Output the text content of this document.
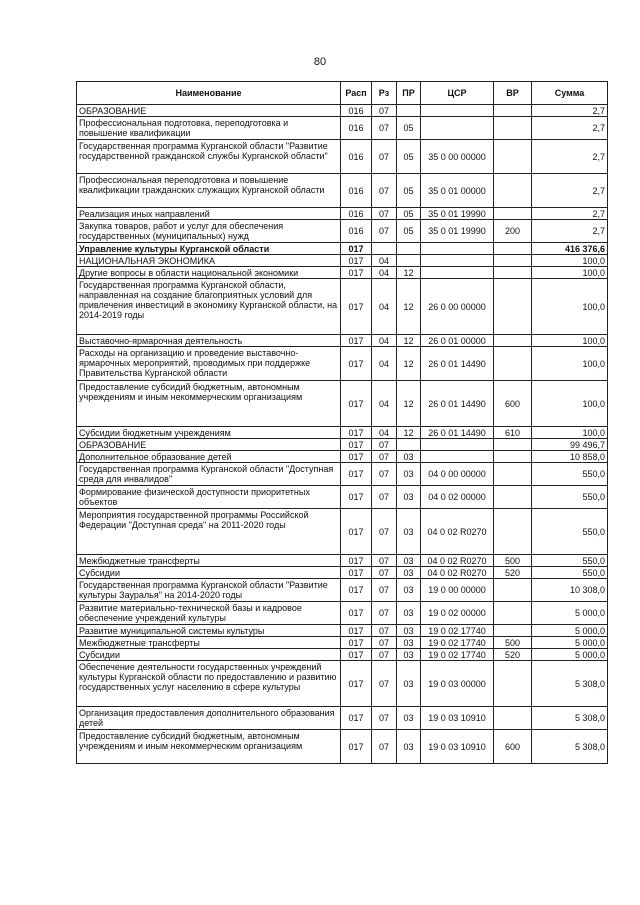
80
Наименование	Расп	Рз	ПР	ЦСР	ВР	Сумма
ОБРАЗОВАНИЕ	016	07				2,7
Профессиональная подготовка, переподготовка и повышение квалификации	016	07	05			2,7
Государственная программа Курганской области "Развитие государственной гражданской службы Курганской области"	016	07	05	35 0 00 00000		2,7
Профессиональная переподготовка и повышение квалификации гражданских служащих Курганской области	016	07	05	35 0 01 00000		2,7
Реализация иных направлений	016	07	05	35 0 01 19990		2,7
Закупка товаров, работ и услуг для обеспечения государственных (муниципальных) нужд	016	07	05	35 0 01 19990	200	2,7
Управление культуры Курганской области	017					416 376,6
НАЦИОНАЛЬНАЯ ЭКОНОМИКА	017	04				100,0
Другие вопросы в области национальной экономики	017	04	12			100,0
Государственная программа Курганской области, направленная на создание благоприятных условий для привлечения инвестиций в экономику Курганской области, на 2014-2019 годы	017	04	12	26 0 00 00000		100,0
Выставочно-ярмарочная деятельность	017	04	12	26 0 01 00000		100,0
Расходы на организацию и проведение выставочно-ярмарочных мероприятий, проводимых при поддержке Правительства Курганской области	017	04	12	26 0 01 14490		100,0
Предоставление субсидий бюджетным, автономным учреждениям и иным некоммерческим организациям	017	04	12	26 0 01 14490	600	100,0
Субсидии бюджетным учреждениям	017	04	12	26 0 01 14490	610	100,0
ОБРАЗОВАНИЕ	017	07				99 496,7
Дополнительное образование детей	017	07	03			10 858,0
Государственная программа Курганской области "Доступная среда для инвалидов"	017	07	03	04 0 00 00000		550,0
Формирование физической доступности приоритетных объектов	017	07	03	04 0 02 00000		550,0
Мероприятия государственной программы Российской Федерации "Доступная среда" на 2011-2020 годы	017	07	03	04 0 02 R0270		550,0
Межбюджетные трансферты	017	07	03	04 0 02 R0270	500	550,0
Субсидии	017	07	03	04 0 02 R0270	520	550,0
Государственная программа Курганской области "Развитие культуры Зауралья" на 2014-2020 годы	017	07	03	19 0 00 00000		10 308,0
Развитие материально-технической базы и кадровое обеспечение учреждений культуры	017	07	03	19 0 02 00000		5 000,0
Развитие муниципальной системы культуры	017	07	03	19 0 02 17740		5 000,0
Межбюджетные трансферты	017	07	03	19 0 02 17740	500	5 000,0
Субсидии	017	07	03	19 0 02 17740	520	5 000,0
Обеспечение деятельности государственных учреждений культуры Курганской области по предоставлению и развитию государственных услуг населению в сфере культуры	017	07	03	19 0 03 00000		5 308,0
Организация предоставления дополнительного образования детей	017	07	03	19 0 03 10910		5 308,0
Предоставление субсидий бюджетным, автономным учреждениям и иным некоммерческим организациям	017	07	03	19 0 03 10910	600	5 308,0
